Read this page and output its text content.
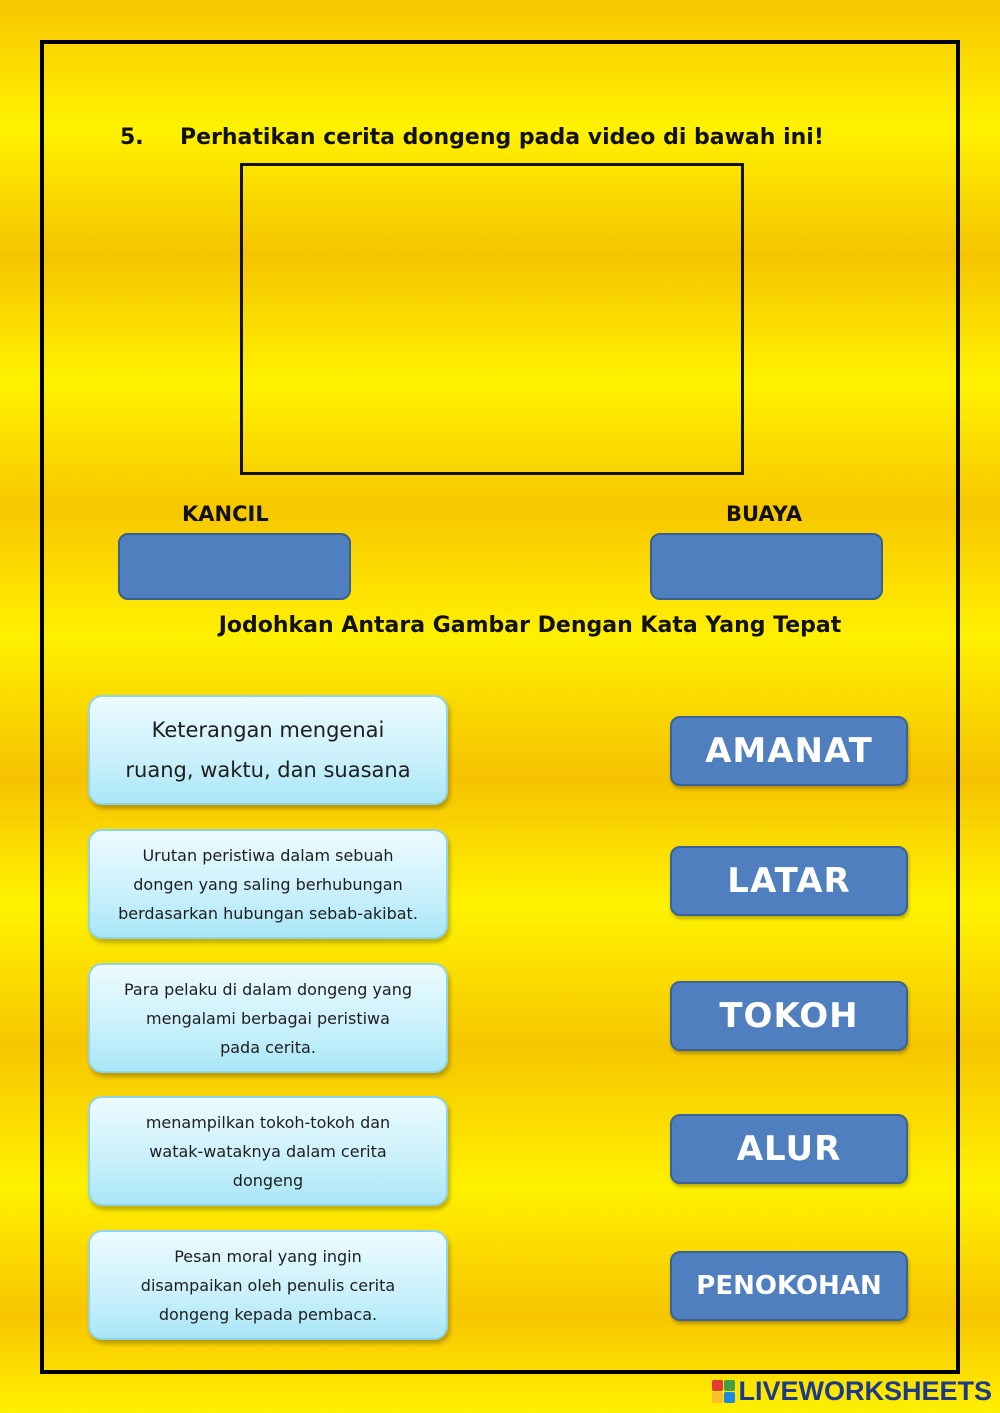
5. Perhatikan cerita dongeng pada video di bawah ini!

KANCIL	BUAYA

Jodohkan Antara Gambar Dengan Kata Yang Tepat

Keterangan mengenai
ruang, waktu, dan suasana
Urutan peristiwa dalam sebuah
dongen yang saling berhubungan
berdasarkan hubungan sebab-akibat.
Para pelaku di dalam dongeng yang
mengalami berbagai peristiwa
pada cerita.
menampilkan tokoh-tokoh dan
watak-wataknya dalam cerita
dongeng
Pesan moral yang ingin
disampaikan oleh penulis cerita
dongeng kepada pembaca.
AMANAT
LATAR
TOKOH
ALUR
PENOKOHAN
LIVEWORKSHEETS
